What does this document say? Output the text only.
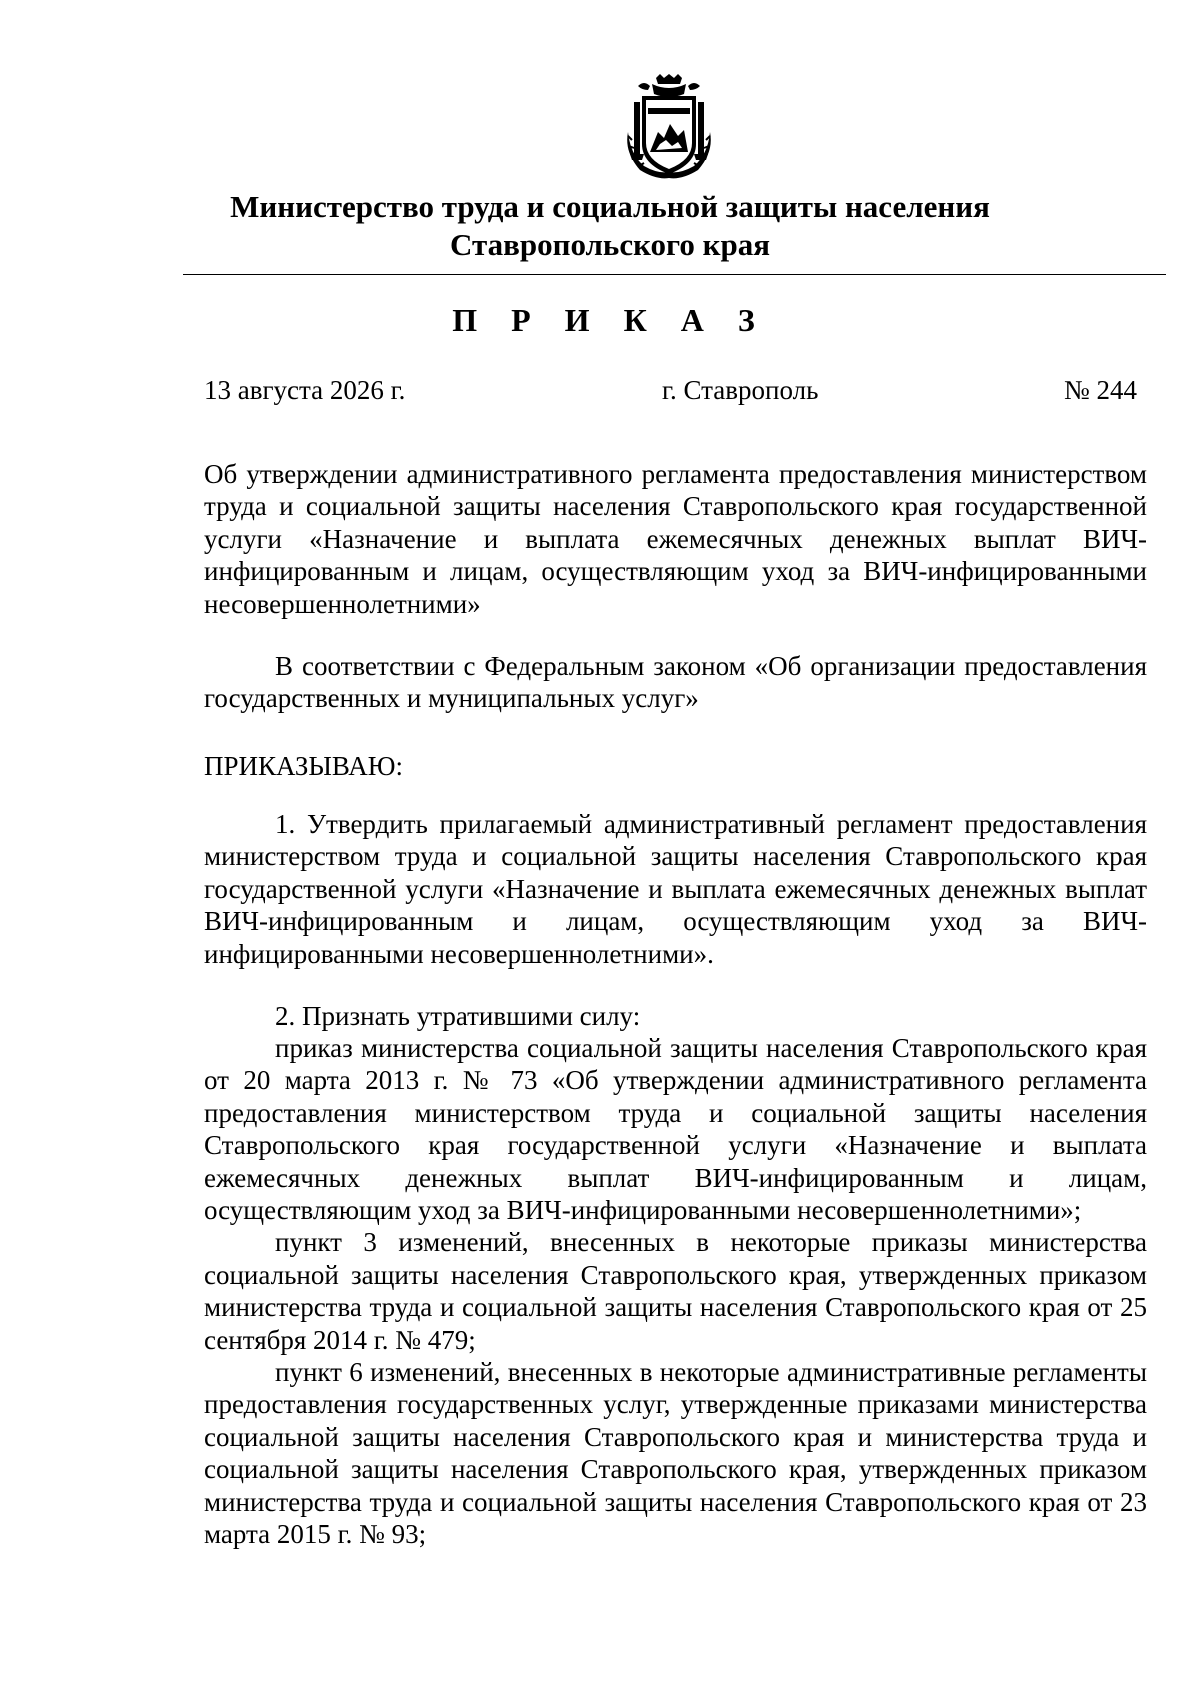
Министерство труда и социальной защиты населения
Ставропольского края
П Р И К А З
13 августа 2026 г.	г. Ставрополь	№ 244
Об утверждении административного регламента предоставления министерством труда и социальной защиты населения Ставропольского края государственной услуги «Назначение и выплата ежемесячных денежных выплат ВИЧ-инфицированным и лицам, осуществляющим уход за ВИЧ-инфицированными несовершеннолетними»
В соответствии с Федеральным законом «Об организации предоставления государственных и муниципальных услуг»
ПРИКАЗЫВАЮ:
1. Утвердить прилагаемый административный регламент предоставления министерством труда и социальной защиты населения Ставропольского края государственной услуги «Назначение и выплата ежемесячных денежных выплат ВИЧ-инфицированным и лицам, осуществляющим уход за ВИЧ-инфицированными несовершеннолетними».
2. Признать утратившими силу:

приказ министерства социальной защиты населения Ставропольского края от 20 марта 2013 г. № 73 «Об утверждении административного регламента предоставления министерством труда и социальной защиты населения Ставропольского края государственной услуги «Назначение и выплата ежемесячных денежных выплат ВИЧ-инфицированным и лицам, осуществляющим уход за ВИЧ-инфицированными несовершеннолетними»;

пункт 3 изменений, внесенных в некоторые приказы министерства социальной защиты населения Ставропольского края, утвержденных приказом министерства труда и социальной защиты населения Ставропольского края от 25 сентября 2014 г. № 479;

пункт 6 изменений, внесенных в некоторые административные регламенты предоставления государственных услуг, утвержденные приказами министерства социальной защиты населения Ставропольского края и министерства труда и социальной защиты населения Ставропольского края, утвержденных приказом министерства труда и социальной защиты населения Ставропольского края от 23 марта 2015 г. № 93;
